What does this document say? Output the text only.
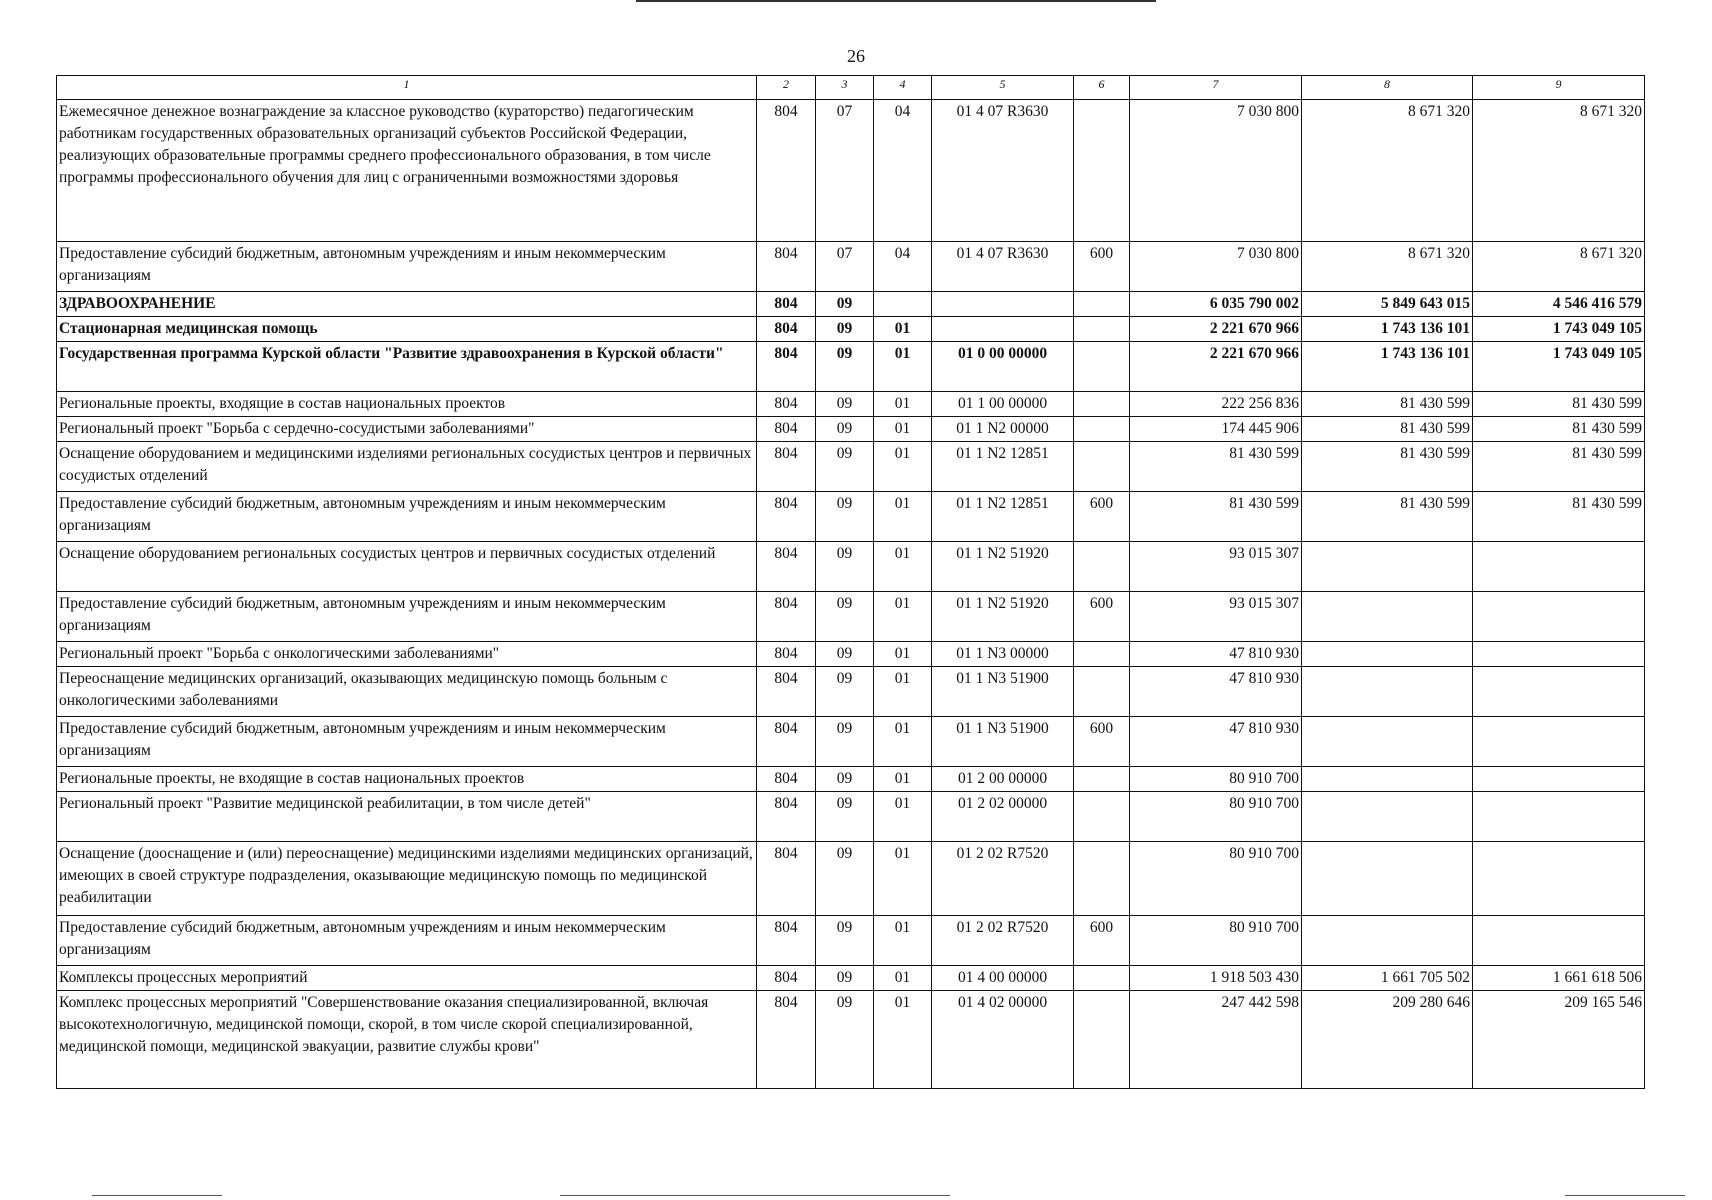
26
1	2	3	4	5	6	7	8	9
Ежемесячное денежное вознаграждение за классное руководство (кураторство) педагогическим работникам государственных образовательных организаций субъектов Российской Федерации, реализующих образовательные программы среднего профессионального образования, в том числе программы профессионального обучения для лиц с ограниченными возможностями здоровья	804	07	04	01 4 07 R3630		7 030 800	8 671 320	8 671 320
Предоставление субсидий бюджетным, автономным учреждениям и иным некоммерческим организациям	804	07	04	01 4 07 R3630	600	7 030 800	8 671 320	8 671 320
ЗДРАВООХРАНЕНИЕ	804	09				6 035 790 002	5 849 643 015	4 546 416 579
Стационарная медицинская помощь	804	09	01			2 221 670 966	1 743 136 101	1 743 049 105
Государственная программа Курской области "Развитие здравоохранения в Курской области"	804	09	01	01 0 00 00000		2 221 670 966	1 743 136 101	1 743 049 105
Региональные проекты, входящие в состав национальных проектов	804	09	01	01 1 00 00000		222 256 836	81 430 599	81 430 599
Региональный проект "Борьба с сердечно-сосудистыми заболеваниями"	804	09	01	01 1 N2 00000		174 445 906	81 430 599	81 430 599
Оснащение оборудованием и медицинскими изделиями региональных сосудистых центров и первичных сосудистых отделений	804	09	01	01 1 N2 12851		81 430 599	81 430 599	81 430 599
Предоставление субсидий бюджетным, автономным учреждениям и иным некоммерческим организациям	804	09	01	01 1 N2 12851	600	81 430 599	81 430 599	81 430 599
Оснащение оборудованием региональных сосудистых центров и первичных сосудистых отделений	804	09	01	01 1 N2 51920		93 015 307		
Предоставление субсидий бюджетным, автономным учреждениям и иным некоммерческим организациям	804	09	01	01 1 N2 51920	600	93 015 307		
Региональный проект "Борьба с онкологическими заболеваниями"	804	09	01	01 1 N3 00000		47 810 930		
Переоснащение медицинских организаций, оказывающих медицинскую помощь больным с онкологическими заболеваниями	804	09	01	01 1 N3 51900		47 810 930		
Предоставление субсидий бюджетным, автономным учреждениям и иным некоммерческим организациям	804	09	01	01 1 N3 51900	600	47 810 930		
Региональные проекты, не входящие в состав национальных проектов	804	09	01	01 2 00 00000		80 910 700		
Региональный проект "Развитие медицинской реабилитации, в том числе детей"	804	09	01	01 2 02 00000		80 910 700		
Оснащение (дооснащение и (или) переоснащение) медицинскими изделиями медицинских организаций, имеющих в своей структуре подразделения, оказывающие медицинскую помощь по медицинской реабилитации	804	09	01	01 2 02 R7520		80 910 700		
Предоставление субсидий бюджетным, автономным учреждениям и иным некоммерческим организациям	804	09	01	01 2 02 R7520	600	80 910 700		
Комплексы процессных мероприятий	804	09	01	01 4 00 00000		1 918 503 430	1 661 705 502	1 661 618 506
Комплекс процессных мероприятий "Совершенствование оказания специализированной, включая высокотехнологичную, медицинской помощи, скорой, в том числе скорой специализированной, медицинской помощи, медицинской эвакуации, развитие службы крови"	804	09	01	01 4 02 00000		247 442 598	209 280 646	209 165 546
